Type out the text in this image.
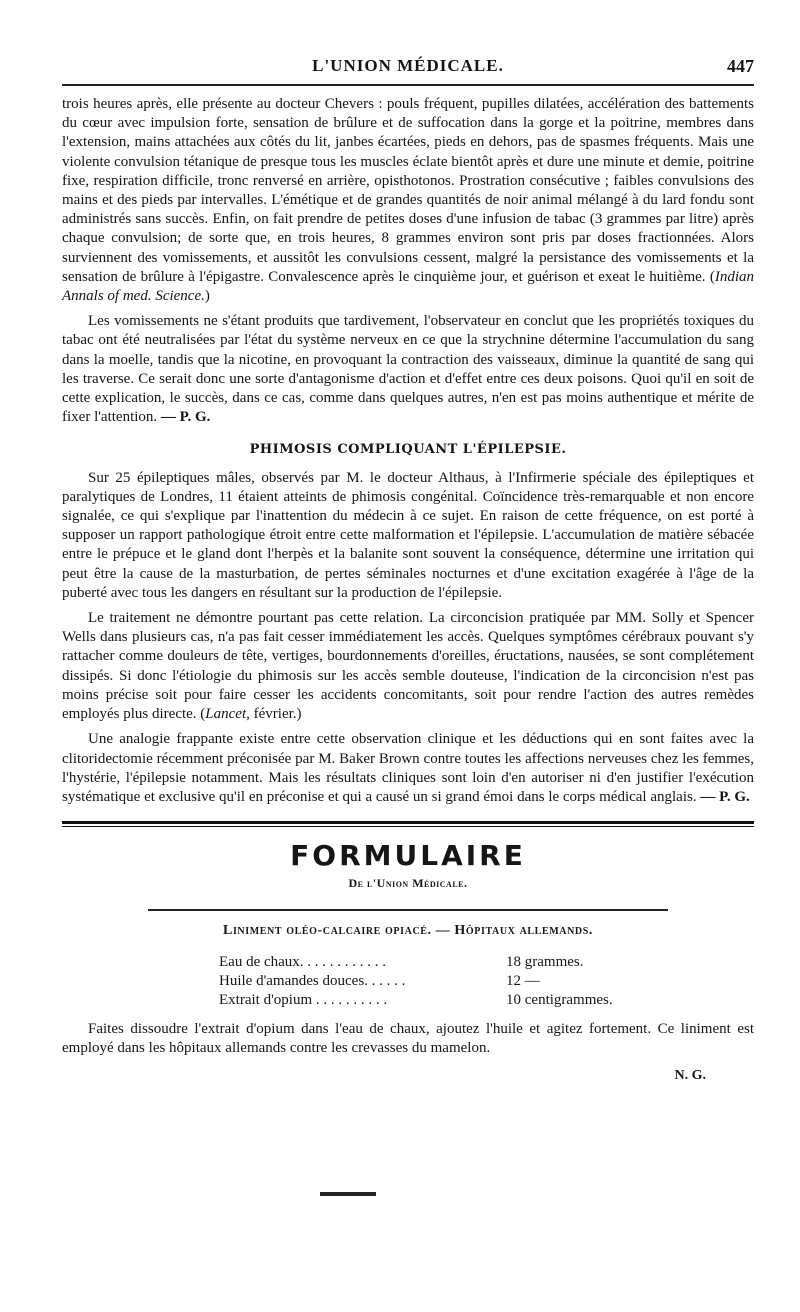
L'UNION MÉDICALE.	447

trois heures après, elle présente au docteur Chevers : pouls fréquent, pupilles dilatées, accélération des battements du cœur avec impulsion forte, sensation de brûlure et de suffocation dans la gorge et la poitrine, membres dans l'extension, mains attachées aux côtés du lit, janbes écartées, pieds en dehors, pas de spasmes fréquents. Mais une violente convulsion tétanique de presque tous les muscles éclate bientôt après et dure une minute et demie, poitrine fixe, respiration difficile, tronc renversé en arrière, opisthotonos. Prostration consécutive ; faibles convulsions des mains et des pieds par intervalles. L'émétique et de grandes quantités de noir animal mélangé à du lard fondu sont administrés sans succès. Enfin, on fait prendre de petites doses d'une infusion de tabac (3 grammes par litre) après chaque convulsion; de sorte que, en trois heures, 8 grammes environ sont pris par doses fractionnées. Alors surviennent des vomissements, et aussitôt les convulsions cessent, malgré la persistance des vomissements et la sensation de brûlure à l'épigastre. Convalescence après le cinquième jour, et guérison et exeat le huitième. (Indian Annals of med. Science.)

Les vomissements ne s'étant produits que tardivement, l'observateur en conclut que les propriétés toxiques du tabac ont été neutralisées par l'état du système nerveux en ce que la strychnine détermine l'accumulation du sang dans la moelle, tandis que la nicotine, en provoquant la contraction des vaisseaux, diminue la quantité de sang qui les traverse. Ce serait donc une sorte d'antagonisme d'action et d'effet entre ces deux poisons. Quoi qu'il en soit de cette explication, le succès, dans ce cas, comme dans quelques autres, n'en est pas moins authentique et mérite de fixer l'attention. — P. G.

PHIMOSIS COMPLIQUANT L'ÉPILEPSIE.

Sur 25 épileptiques mâles, observés par M. le docteur Althaus, à l'Infirmerie spéciale des épileptiques et paralytiques de Londres, 11 étaient atteints de phimosis congénital. Coïncidence très-remarquable et non encore signalée, ce qui s'explique par l'inattention du médecin à ce sujet. En raison de cette fréquence, on est porté à supposer un rapport pathologique étroit entre cette malformation et l'épilepsie. L'accumulation de matière sébacée entre le prépuce et le gland dont l'herpès et la balanite sont souvent la conséquence, détermine une irritation qui peut être la cause de la masturbation, de pertes séminales nocturnes et d'une excitation exagérée à l'âge de la puberté avec tous les dangers en résultant sur la production de l'épilepsie.

Le traitement ne démontre pourtant pas cette relation. La circoncision pratiquée par MM. Solly et Spencer Wells dans plusieurs cas, n'a pas fait cesser immédiatement les accès. Quelques symptômes cérébraux pouvant s'y rattacher comme douleurs de tête, vertiges, bourdonnements d'oreilles, éructations, nausées, se sont complétement dissipés. Si donc l'étiologie du phimosis sur les accès semble douteuse, l'indication de la circoncision n'est pas moins précise soit pour faire cesser les accidents concomitants, soit pour rendre l'action des autres remèdes employés plus directe. (Lancet, février.)

Une analogie frappante existe entre cette observation clinique et les déductions qui en sont faites avec la clitoridectomie récemment préconisée par M. Baker Brown contre toutes les affections nerveuses chez les femmes, l'hystérie, l'épilepsie notamment. Mais les résultats cliniques sont loin d'en autoriser ni d'en justifier l'exécution systématique et exclusive qu'il en préconise et qui a causé un si grand émoi dans le corps médical anglais. — P. G.

FORMULAIRE
De l'Union Médicale.
Liniment oléo-calcaire opiacé. — Hôpitaux allemands.
Eau de chaux. . . . . . . . . . . .	18 grammes.
Huile d'amandes douces. . . . . .	12 —
Extrait d'opium . . . . . . . . . .	10 centigrammes.

Faites dissoudre l'extrait d'opium dans l'eau de chaux, ajoutez l'huile et agitez fortement. Ce liniment est employé dans les hôpitaux allemands contre les crevasses du mamelon.

N. G.
